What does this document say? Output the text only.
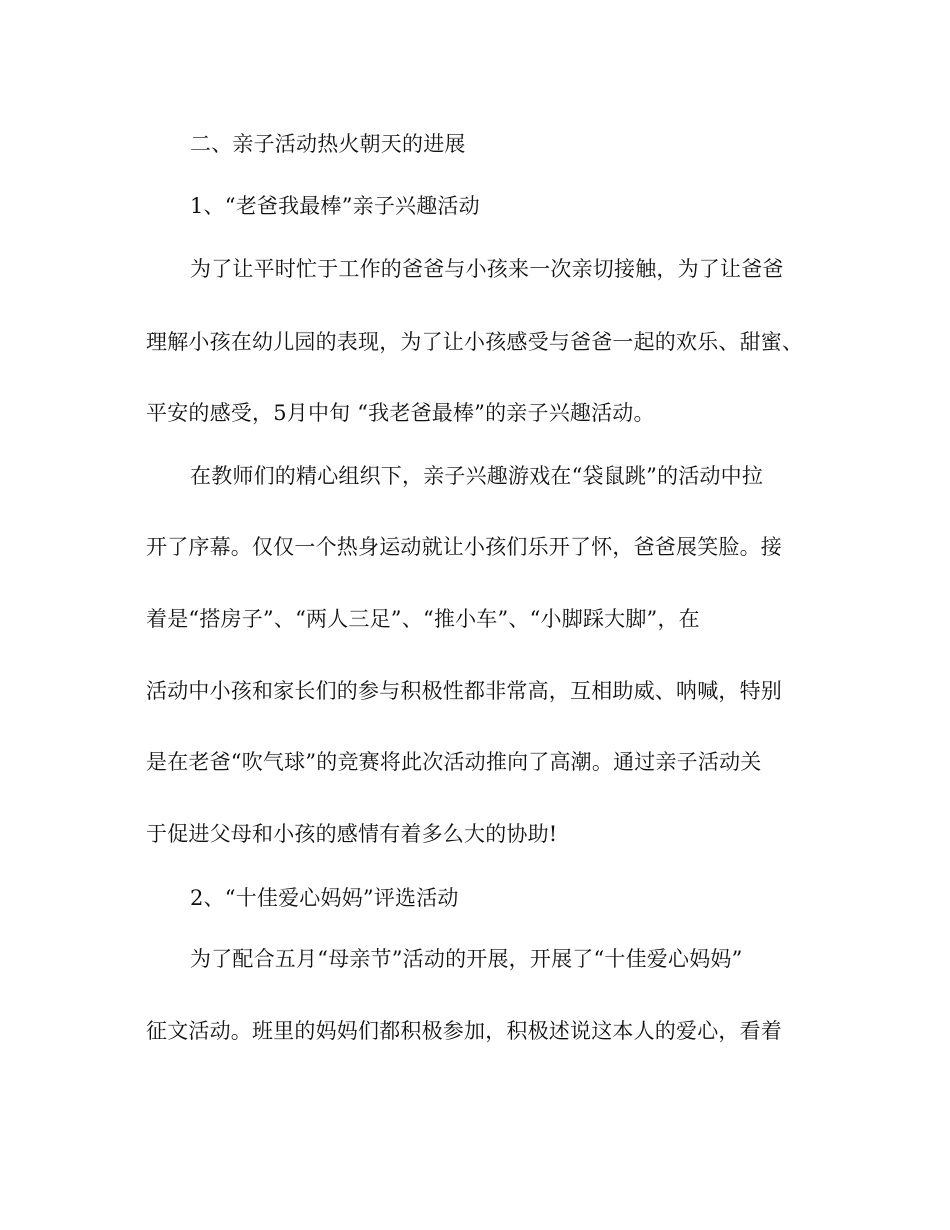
二、亲子活动热火朝天的进展
1、“老爸我最棒”亲子兴趣活动
为了让平时忙于工作的爸爸与小孩来一次亲切接触，为了让爸爸
理解小孩在幼儿园的表现，为了让小孩感受与爸爸一起的欢乐、甜蜜、
平安的感受，5月中旬 “我老爸最棒”的亲子兴趣活动。
在教师们的精心组织下，亲子兴趣游戏在“袋鼠跳”的活动中拉
开了序幕。仅仅一个热身运动就让小孩们乐开了怀，爸爸展笑脸。接
着是“搭房子”、“两人三足”、“推小车”、“小脚踩大脚”，在
活动中小孩和家长们的参与积极性都非常高，互相助威、呐喊，特别
是在老爸“吹气球”的竞赛将此次活动推向了高潮。通过亲子活动关
于促进父母和小孩的感情有着多么大的协助!
2、“十佳爱心妈妈”评选活动
为了配合五月“母亲节”活动的开展，开展了“十佳爱心妈妈”
征文活动。班里的妈妈们都积极参加，积极述说这本人的爱心，看着
